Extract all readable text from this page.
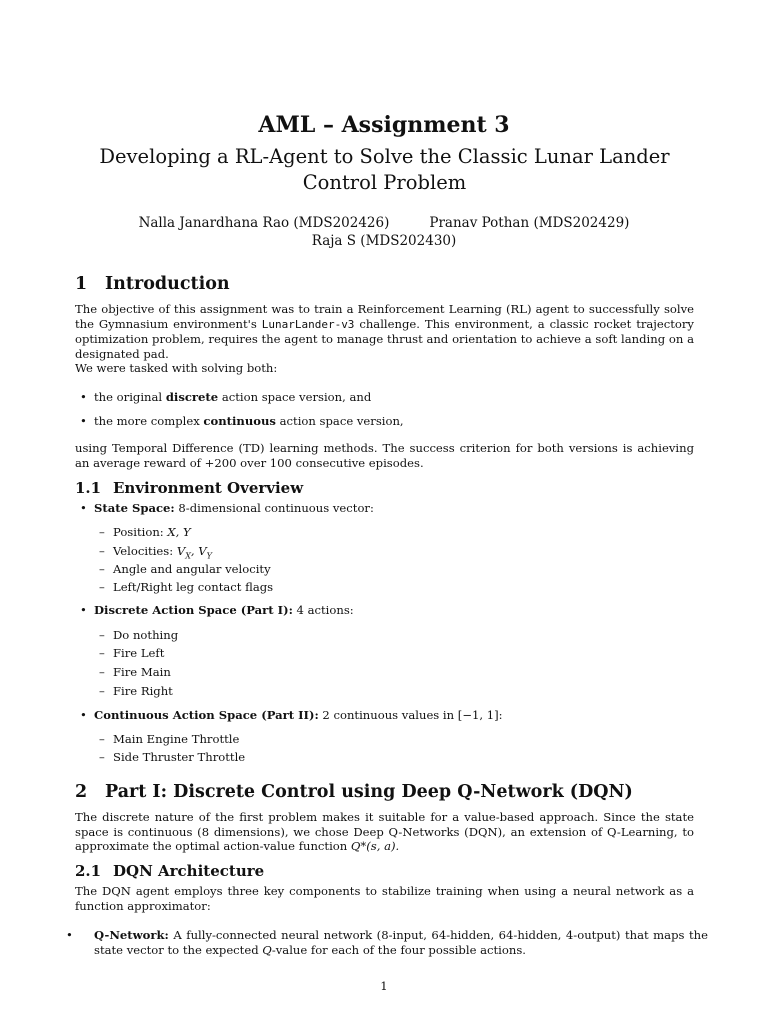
AML – Assignment 3
Developing a RL-Agent to Solve the Classic Lunar Lander Control Problem
Nalla Janardhana Rao (MDS202426)	Pranav Pothan (MDS202429)
Raja S (MDS202430)
1 Introduction
The objective of this assignment was to train a Reinforcement Learning (RL) agent to successfully solve the Gymnasium environment's LunarLander-v3 challenge. This environment, a classic rocket trajectory optimization problem, requires the agent to manage thrust and orientation to achieve a soft landing on a designated pad.
We were tasked with solving both:
• the original discrete action space version, and
• the more complex continuous action space version,
using Temporal Difference (TD) learning methods. The success criterion for both versions is achieving an average reward of +200 over 100 consecutive episodes.
1.1 Environment Overview
• State Space: 8-dimensional continuous vector:
– Position: X, Y
– Velocities: $V_X$, $V_Y$
– Angle and angular velocity
– Left/Right leg contact flags
• Discrete Action Space (Part I): 4 actions:
– Do nothing
– Fire Left
– Fire Main
– Fire Right
• Continuous Action Space (Part II): 2 continuous values in [−1, 1]:
– Main Engine Throttle
– Side Thruster Throttle
2 Part I: Discrete Control using Deep Q-Network (DQN)
The discrete nature of the first problem makes it suitable for a value-based approach. Since the state space is continuous (8 dimensions), we chose Deep Q-Networks (DQN), an extension of Q-Learning, to approximate the optimal action-value function Q*(s, a).
2.1 DQN Architecture
The DQN agent employs three key components to stabilize training when using a neural network as a function approximator:
• Q-Network: A fully-connected neural network (8-input, 64-hidden, 64-hidden, 4-output) that maps the state vector to the expected Q-value for each of the four possible actions.
1
